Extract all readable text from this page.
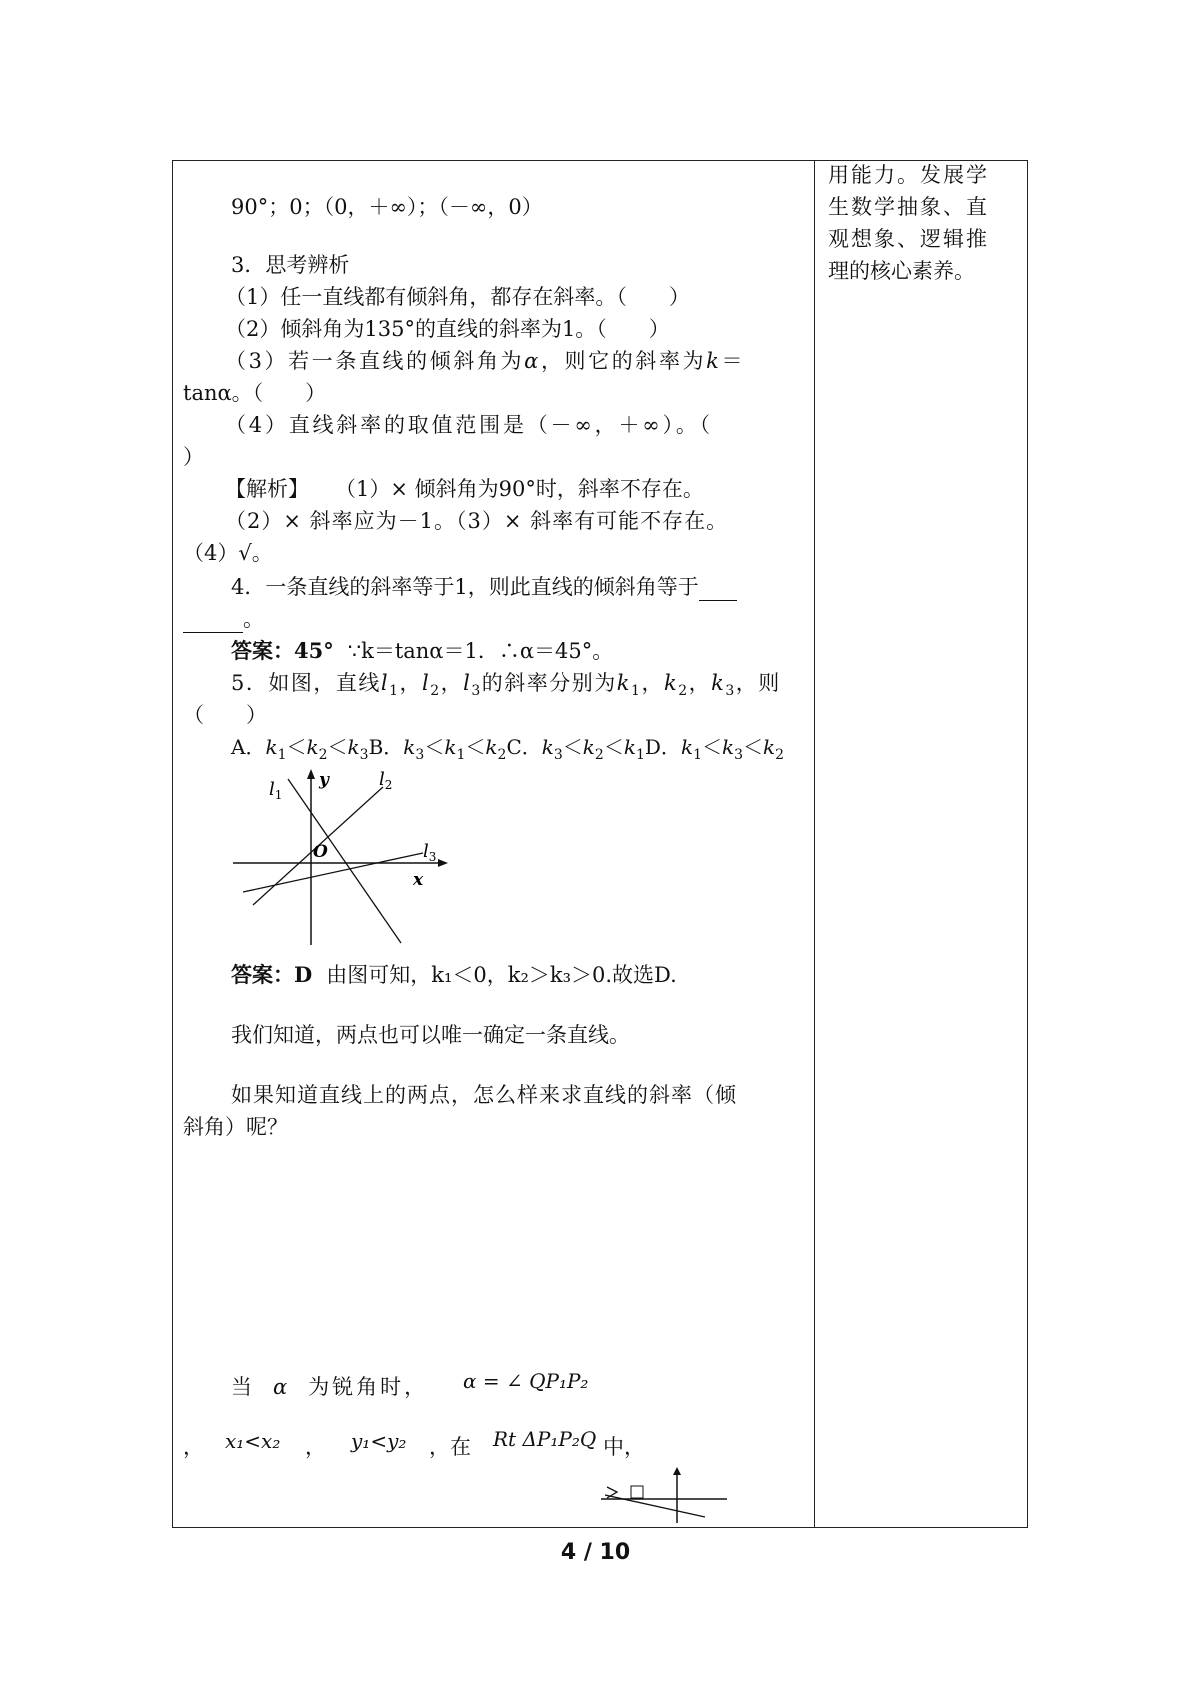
90°；0；（0，＋∞）；（－∞，0）
3．思考辨析
（1）任一直线都有倾斜角，都存在斜率。（　　）
（2）倾斜角为135°的直线的斜率为1。（　　）
（3）若一条直线的倾斜角为α，则它的斜率为k＝
tanα。（　　）
（4）直线斜率的取值范围是（－∞，＋∞）。（
）
【解析】 （1）× 倾斜角为90°时，斜率不存在。
（2）× 斜率应为－1。（3）× 斜率有可能不存在。
（4）√。
4．一条直线的斜率等于1，则此直线的倾斜角等于
。
答案：45° ∵k＝tanα＝1．∴α＝45°。
5．如图，直线$l_1$，$l_2$，$l_3$的斜率分别为$k_1$，$k_2$，$k_3$，则
（　　）
A．$k_1<k_2<k_3B$．$k_3<k_1<k_2C$．$k_3<k_2<k_1D$．$k_1<k_3<k_2$
$l_1$
$l_2$
$l_3$
y
x
O
答案：D 由图可知，k₁＜0，k₂＞k₃＞0.故选D.
我们知道，两点也可以唯一确定一条直线。
如果知道直线上的两点，怎么样来求直线的斜率（倾
斜角）呢？
当 α 为锐角时， α = ∠ QP₁P₂
， x₁<x₂ ， y₁<y₂ ，在 Rt ΔP₁P₂Q 中，
用能力。发展学
生数学抽象、直
观想象、逻辑推
理的核心素养。
4 / 10
